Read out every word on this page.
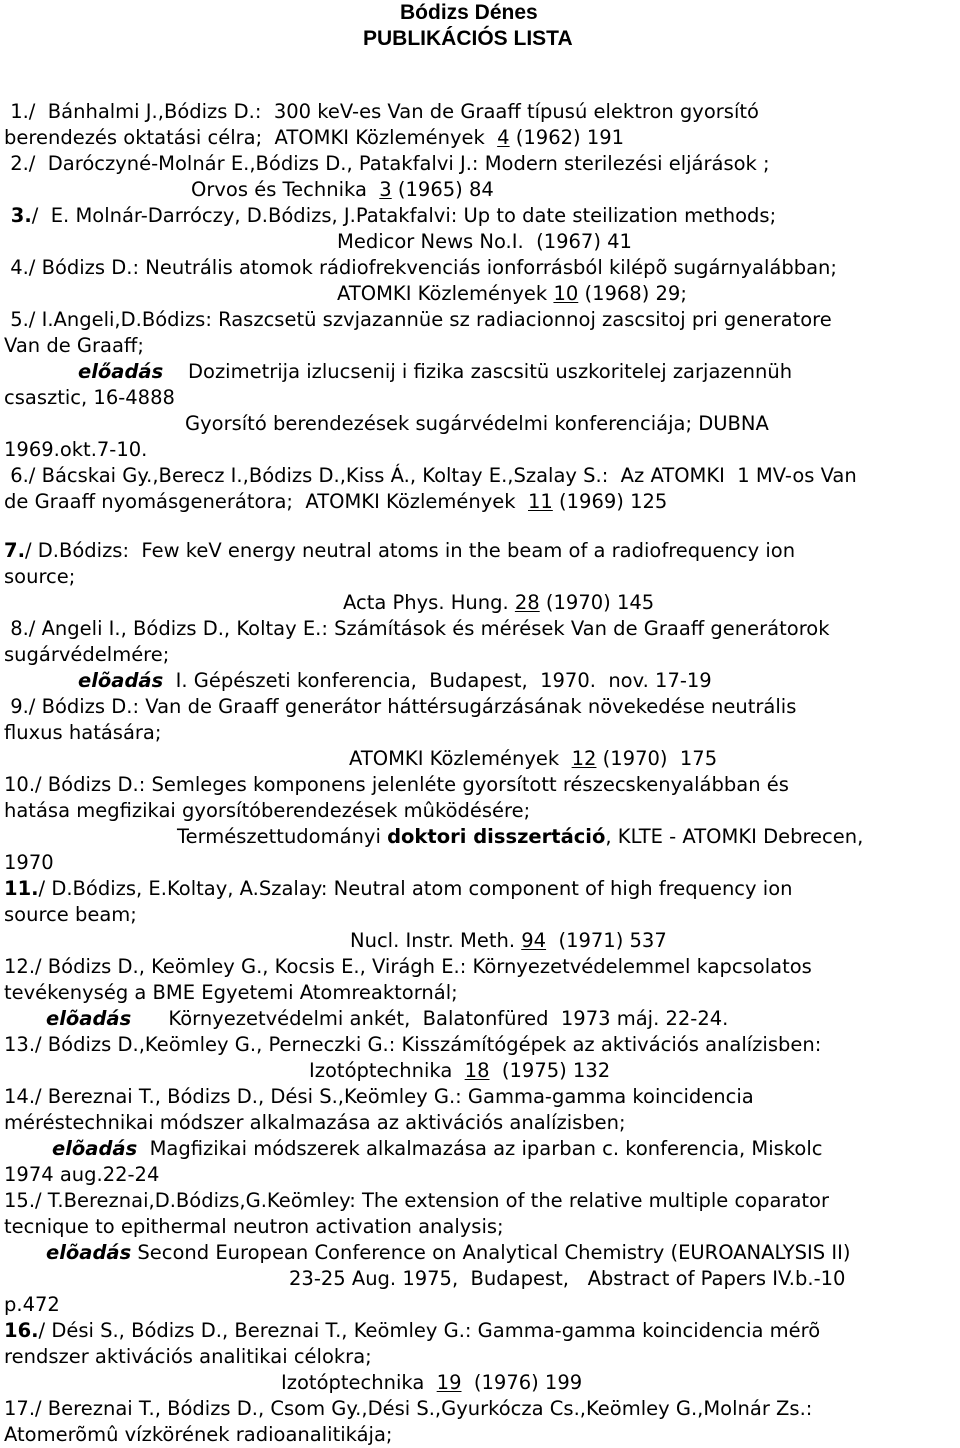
Bódizs Dénes
PUBLIKÁCIÓS LISTA
1./  Bánhalmi J.,Bódizs D.:  300 keV-es Van de Graaff típusú elektron gyorsító
berendezés oktatási célra;  ATOMKI Közlemények  4 (1962) 191
2./  Daróczyné-Molnár E.,Bódizs D., Patakfalvi J.: Modern sterilezési eljárások ;
Orvos és Technika  3 (1965) 84
3./  E. Molnár-Darróczy, D.Bódizs, J.Patakfalvi: Up to date steilization methods;
Medicor News No.I.  (1967) 41
4./ Bódizs D.: Neutrális atomok rádiofrekvenciás ionforrásból kilépõ sugárnyalábban;
ATOMKI Közlemények 10 (1968) 29;
5./ I.Angeli,D.Bódizs: Raszcsetü szvjazannüe sz radiacionnoj zascsitoj pri generatore
Van de Graaff;
előadás    Dozimetrija izlucsenij i fizika zascsitü uszkoritelej zarjazennüh
csasztic, 16-4888
Gyorsító berendezések sugárvédelmi konferenciája; DUBNA
1969.okt.7-10.
6./ Bácskai Gy.,Berecz I.,Bódizs D.,Kiss Á., Koltay E.,Szalay S.:  Az ATOMKI  1 MV-os Van
de Graaff nyomásgenerátora;  ATOMKI Közlemények  11 (1969) 125
7./ D.Bódizs:  Few keV energy neutral atoms in the beam of a radiofrequency ion
source;
Acta Phys. Hung. 28 (1970) 145
8./ Angeli I., Bódizs D., Koltay E.: Számítások és mérések Van de Graaff generátorok
sugárvédelmére;
elõadás  I. Gépészeti konferencia,  Budapest,  1970.  nov. 17-19
9./ Bódizs D.: Van de Graaff generátor háttérsugárzásának növekedése neutrális
fluxus hatására;
ATOMKI Közlemények  12 (1970)  175
10./ Bódizs D.: Semleges komponens jelenléte gyorsított részecskenyalábban és
hatása megfizikai gyorsítóberendezések mûködésére;
Természettudományi doktori disszertáció, KLTE - ATOMKI Debrecen,
1970
11./ D.Bódizs, E.Koltay, A.Szalay: Neutral atom component of high frequency ion
source beam;
Nucl. Instr. Meth. 94  (1971) 537
12./ Bódizs D., Keömley G., Kocsis E., Virágh E.: Környezetvédelemmel kapcsolatos
tevékenység a BME Egyetemi Atomreaktornál;
elõadás      Környezetvédelmi ankét,  Balatonfüred  1973 máj. 22-24.
13./ Bódizs D.,Keömley G., Perneczki G.: Kisszámítógépek az aktivációs analízisben:
Izotóptechnika  18  (1975) 132
14./ Bereznai T., Bódizs D., Dési S.,Keömley G.: Gamma-gamma koincidencia
méréstechnikai módszer alkalmazása az aktivációs analízisben;
elõadás  Magfizikai módszerek alkalmazása az iparban c. konferencia, Miskolc
1974 aug.22-24
15./ T.Bereznai,D.Bódizs,G.Keömley: The extension of the relative multiple coparator
tecnique to epithermal neutron activation analysis;
elõadás Second European Conference on Analytical Chemistry (EUROANALYSIS II)
23-25 Aug. 1975,  Budapest,   Abstract of Papers IV.b.-10
p.472
16./ Dési S., Bódizs D., Bereznai T., Keömley G.: Gamma-gamma koincidencia mérõ
rendszer aktivációs analitikai célokra;
Izotóptechnika  19  (1976) 199
17./ Bereznai T., Bódizs D., Csom Gy.,Dési S.,Gyurkócza Cs.,Keömley G.,Molnár Zs.:
Atomerõmû vízkörének radioanalitikája;
